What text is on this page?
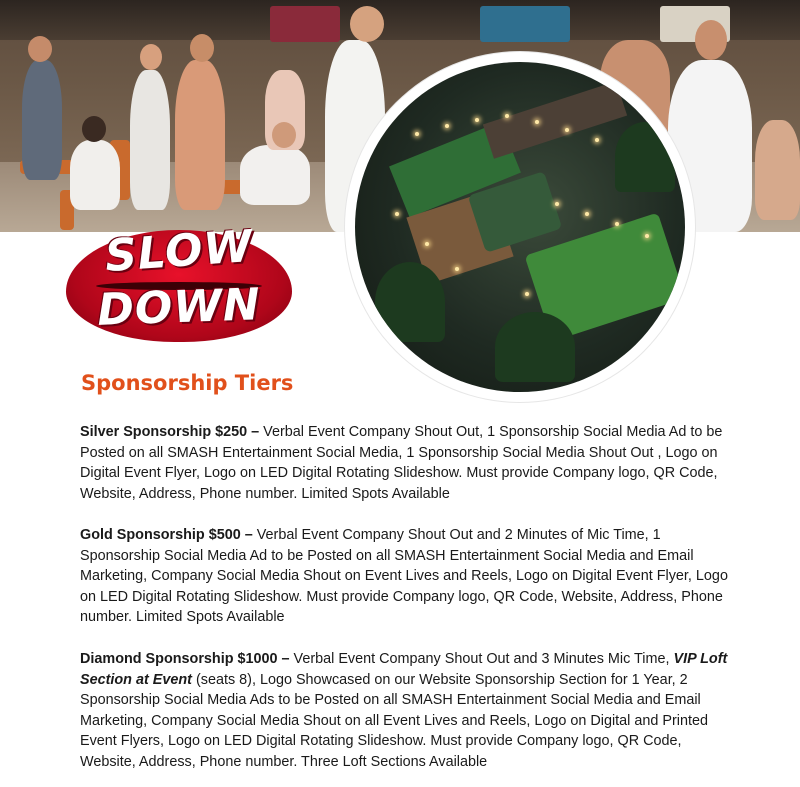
SLOW
DOWN
Sponsorship Tiers
Silver Sponsorship $250 – Verbal Event Company Shout Out, 1 Sponsorship Social Media Ad to be Posted on all SMASH Entertainment Social Media, 1 Sponsorship Social Media Shout Out , Logo on Digital Event Flyer, Logo on LED Digital Rotating Slideshow. Must provide Company logo, QR Code, Website, Address, Phone number. Limited Spots Available
Gold Sponsorship $500 – Verbal Event Company Shout Out and 2 Minutes of Mic Time, 1 Sponsorship Social Media Ad to be Posted on all SMASH Entertainment Social Media and Email Marketing, Company Social Media Shout on Event Lives and Reels, Logo on Digital Event Flyer, Logo on LED Digital Rotating Slideshow. Must provide Company logo, QR Code, Website, Address, Phone number. Limited Spots Available
Diamond Sponsorship $1000 – Verbal Event Company Shout Out and 3 Minutes Mic Time, VIP Loft Section at Event (seats 8), Logo Showcased on our Website Sponsorship Section for 1 Year, 2 Sponsorship Social Media Ads to be Posted on all SMASH Entertainment Social Media and Email Marketing, Company Social Media Shout on all Event Lives and Reels, Logo on Digital and Printed Event Flyers, Logo on LED Digital Rotating Slideshow. Must provide Company logo, QR Code, Website, Address, Phone number. Three Loft Sections Available
